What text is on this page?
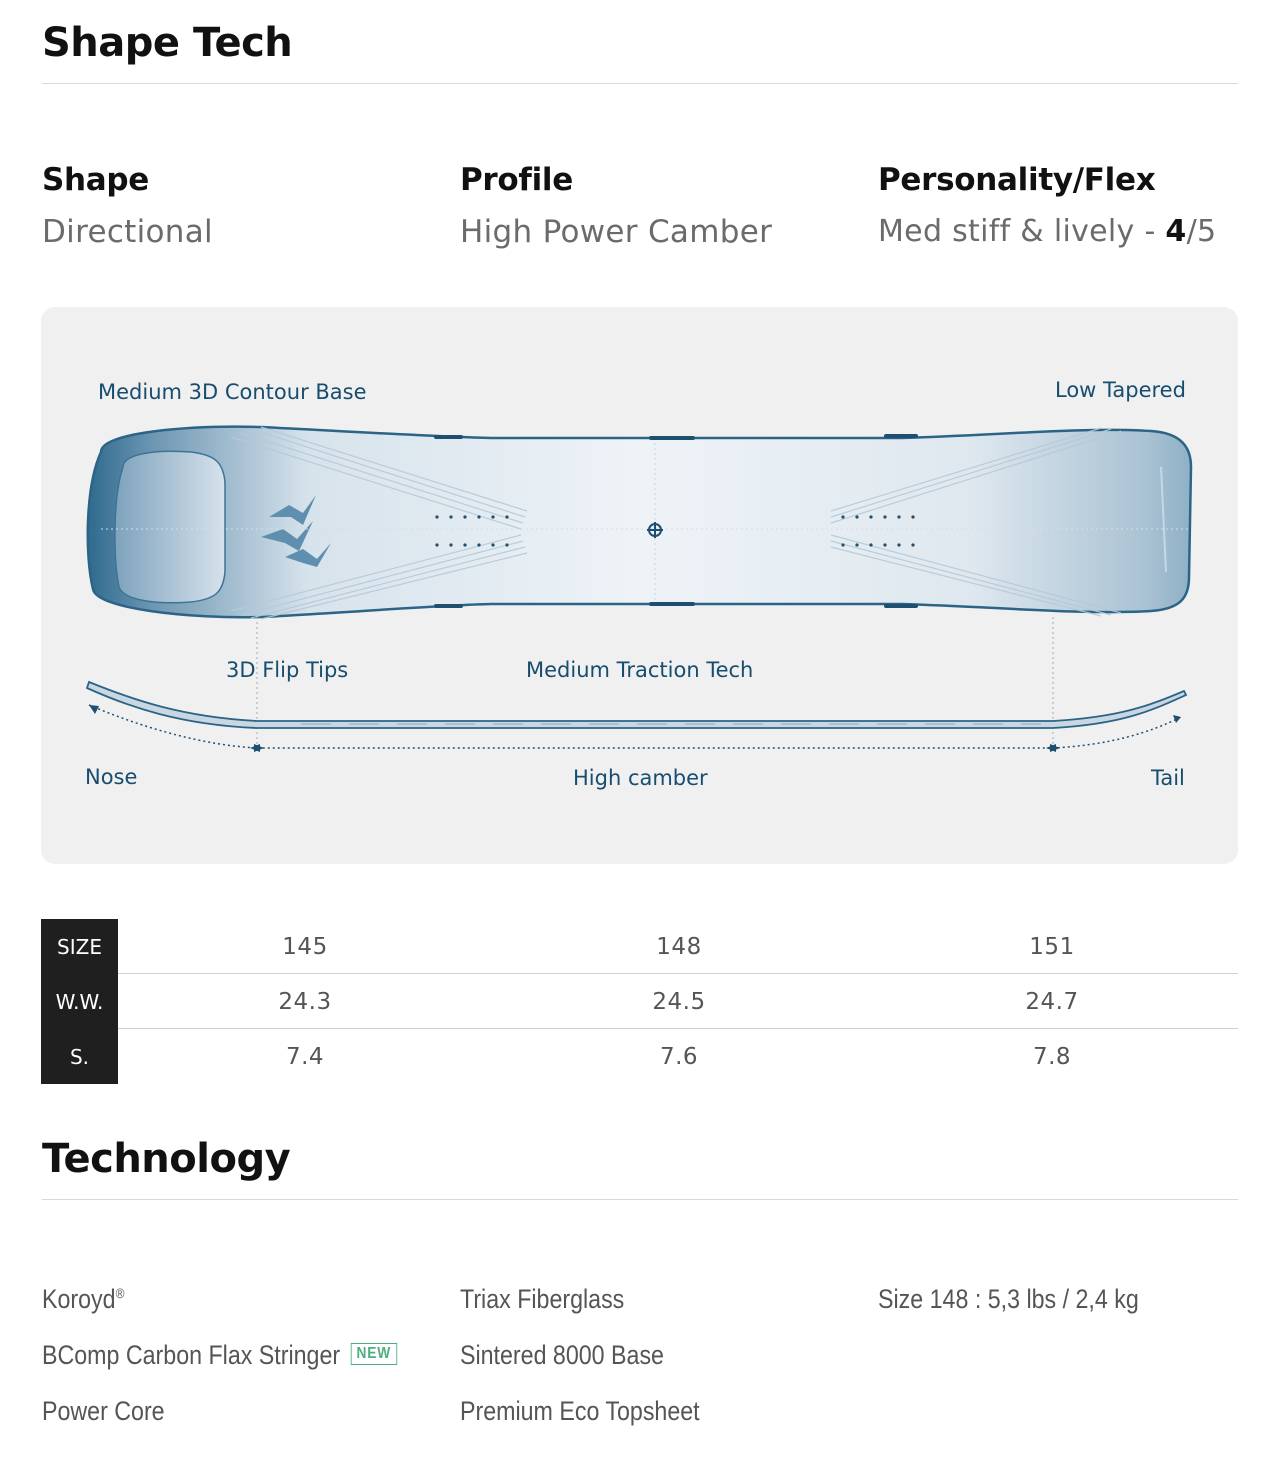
Shape Tech
Shape
Directional
Profile
High Power Camber
Personality/Flex
Med stiff & lively - 4/5
Medium 3D Contour Base	Low Tapered
3D Flip Tips	Medium Traction Tech
Nose	High camber	Tail
SIZE	145	148	151
W.W.	24.3	24.5	24.7
S.	7.4	7.6	7.8
Technology
Koroyd®
BComp Carbon Flax Stringer NEW
Power Core
Triax Fiberglass
Sintered 8000 Base
Premium Eco Topsheet
Size 148 : 5,3 lbs / 2,4 kg
